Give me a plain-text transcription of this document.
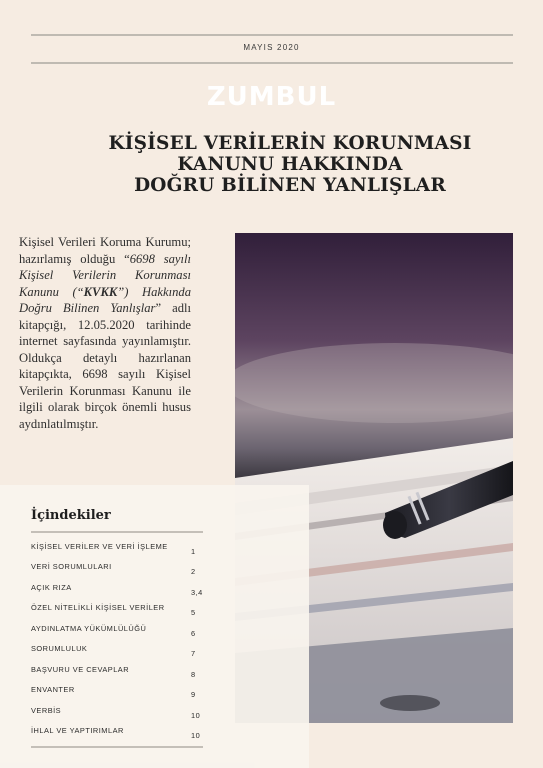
MAYIS 2020
ZUMBUL
KİŞİSEL VERİLERİN KORUNMASI
KANUNU HAKKINDA
DOĞRU BİLİNEN YANLIŞLAR
Kişisel Verileri Koruma Kurumu; hazırlamış olduğu “6698 sayılı Kişisel Verilerin Korunması Kanunu (“KVKK”) Hakkında Doğru Bilinen Yanlışlar” adlı kitapçığı, 12.05.2020 tarihinde internet sayfasında yayınlamıştır. Oldukça detaylı hazırlanan kitapçıkta, 6698 sayılı Kişisel Verilerin Korunması Kanunu ile ilgili olarak birçok önemli husus aydınlatılmıştır.
İçindekiler
KİŞİSEL VERİLER VE VERİ İŞLEME
1
VERİ SORUMLULARI
2
AÇIK RIZA
3,4
ÖZEL NİTELİKLİ KİŞİSEL VERİLER
5
AYDINLATMA YÜKÜMLÜLÜĞÜ
6
SORUMLULUK
7
BAŞVURU VE CEVAPLAR
8
ENVANTER
9
VERBİS
10
İHLAL VE YAPTIRIMLAR
10
